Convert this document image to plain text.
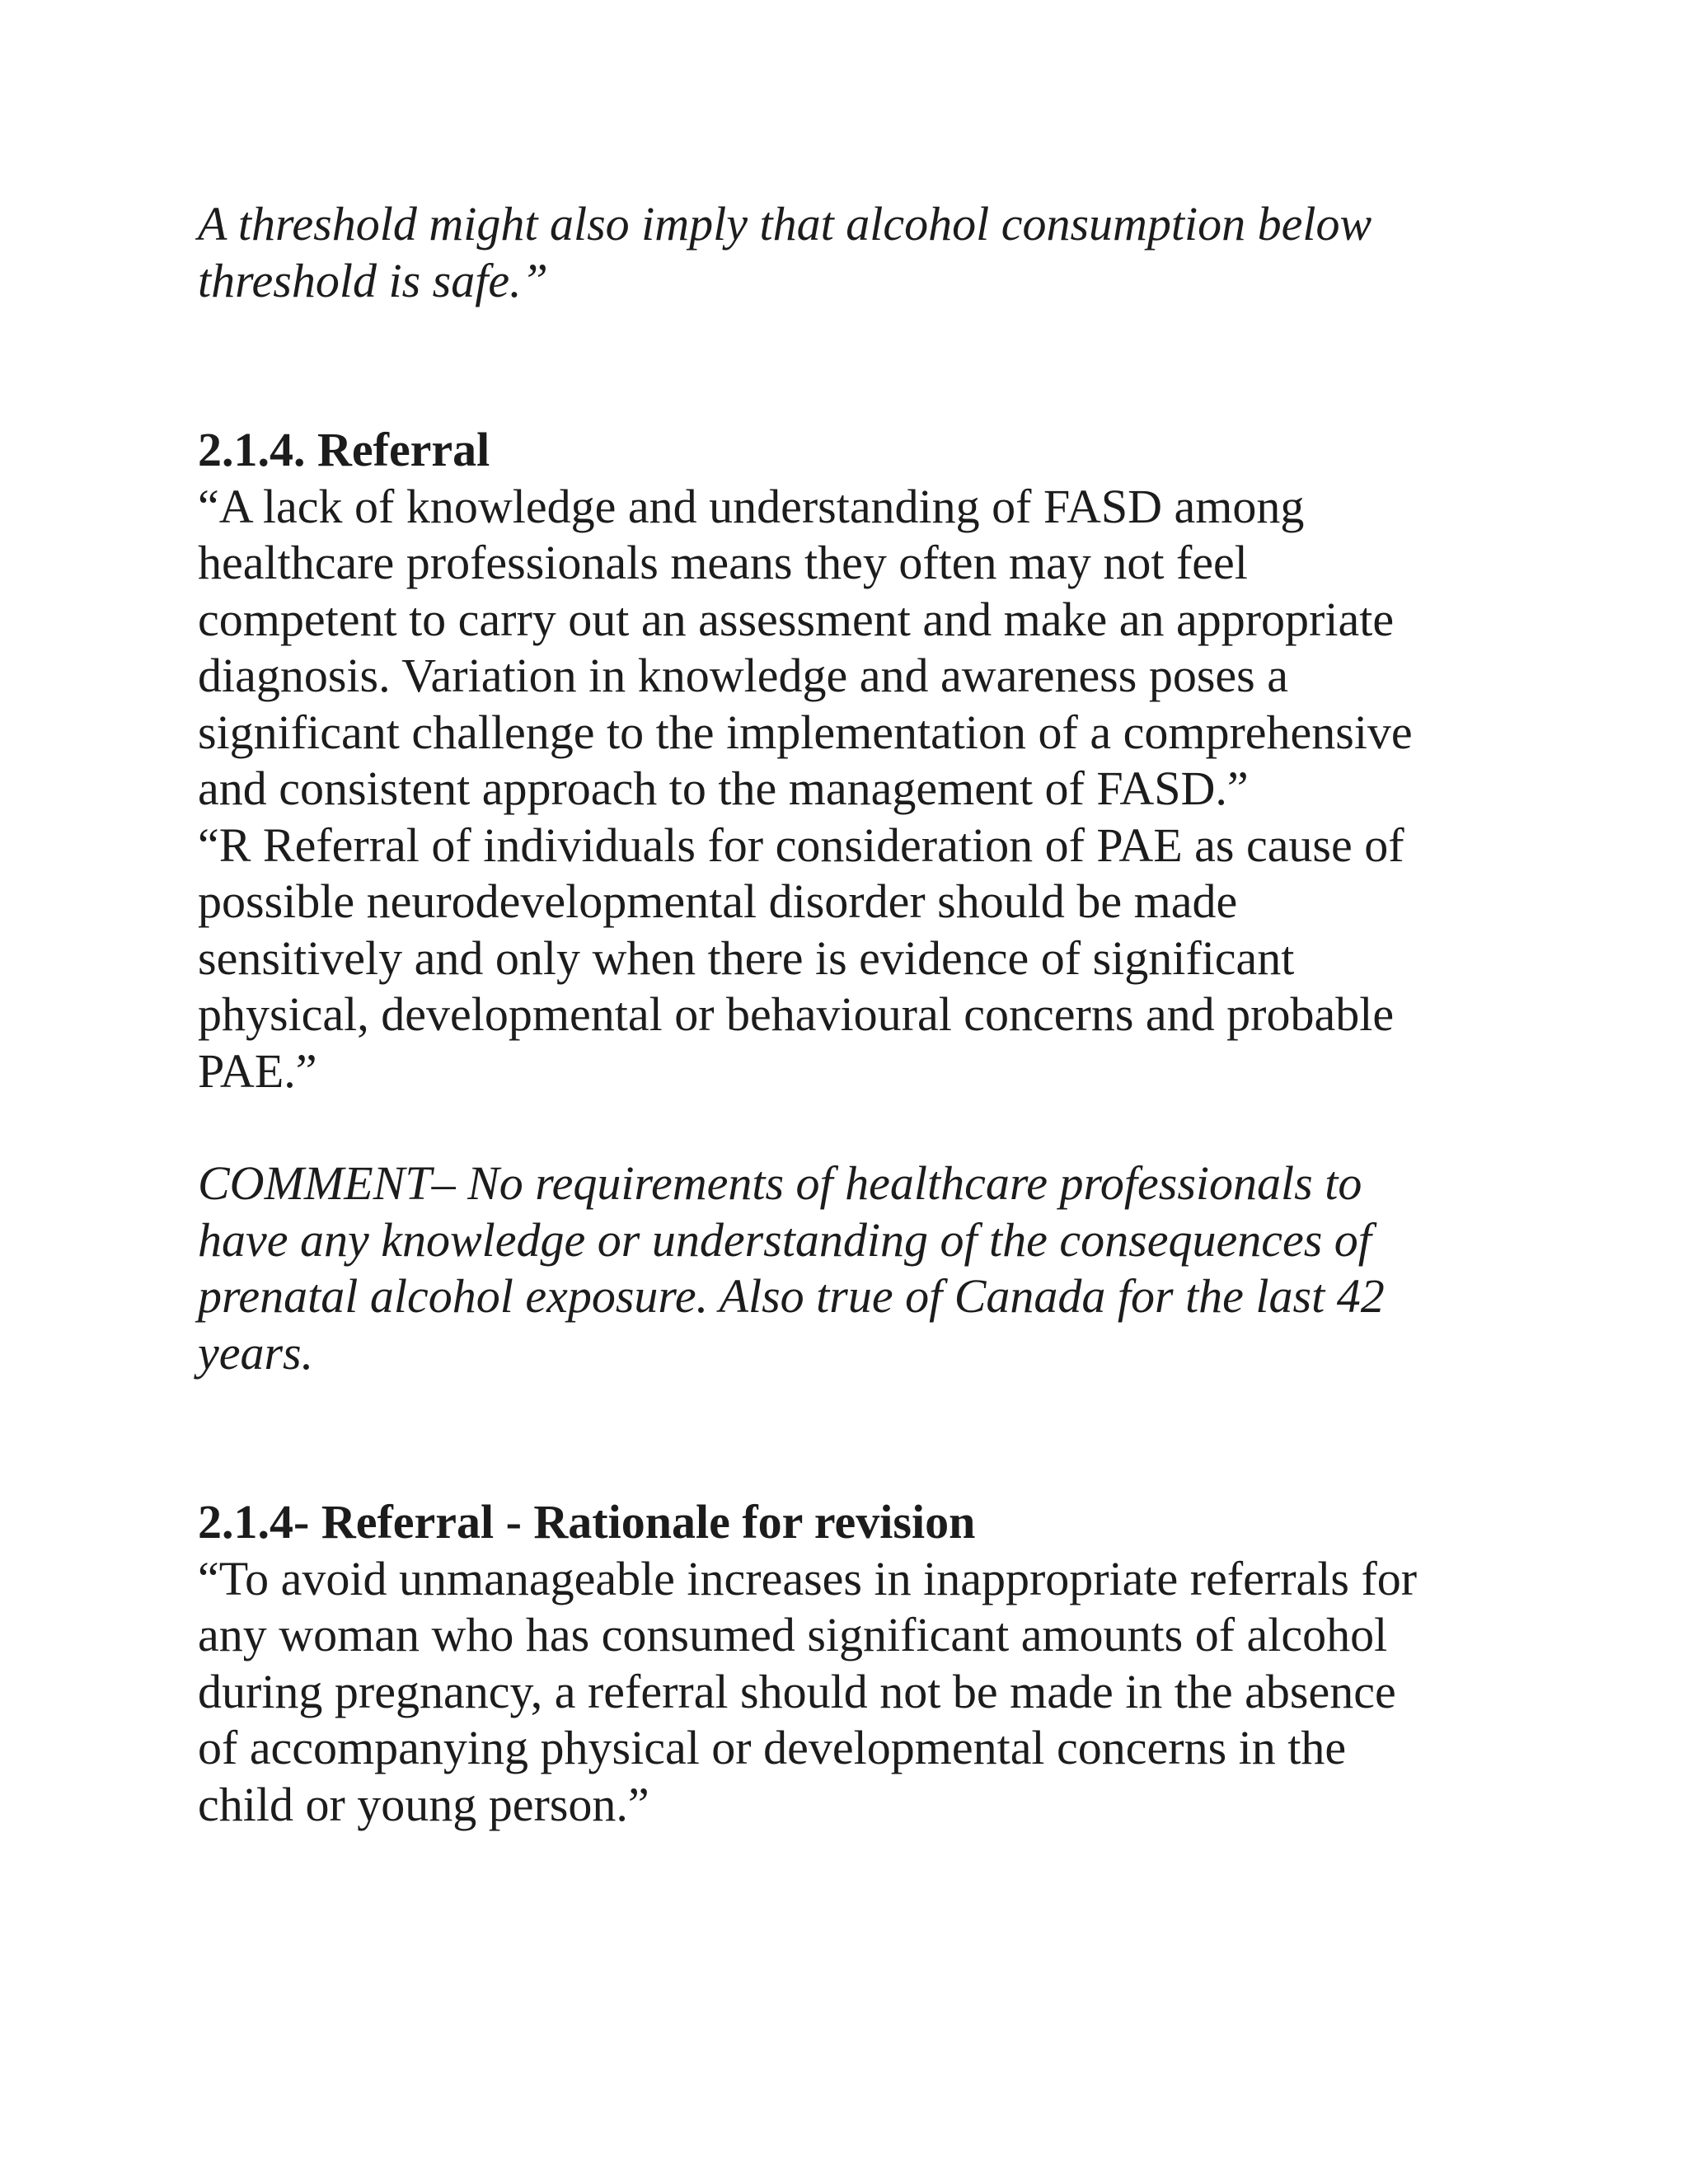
A threshold might also imply that alcohol consumption below
threshold is safe.”

2.1.4. Referral

“A lack of knowledge and understanding of FASD among
healthcare professionals means they often may not feel
competent to carry out an assessment and make an appropriate
diagnosis. Variation in knowledge and awareness poses a
significant challenge to the implementation of a comprehensive
and consistent approach to the management of FASD.”

“R Referral of individuals for consideration of PAE as cause of
possible neurodevelopmental disorder should be made
sensitively and only when there is evidence of significant
physical, developmental or behavioural concerns and probable
PAE.”

COMMENT– No requirements of healthcare professionals to
have any knowledge or understanding of the consequences of
prenatal alcohol exposure. Also true of Canada for the last 42
years.

2.1.4- Referral - Rationale for revision

“To avoid unmanageable increases in inappropriate referrals for
any woman who has consumed significant amounts of alcohol
during pregnancy, a referral should not be made in the absence
of accompanying physical or developmental concerns in the
child or young person.”
